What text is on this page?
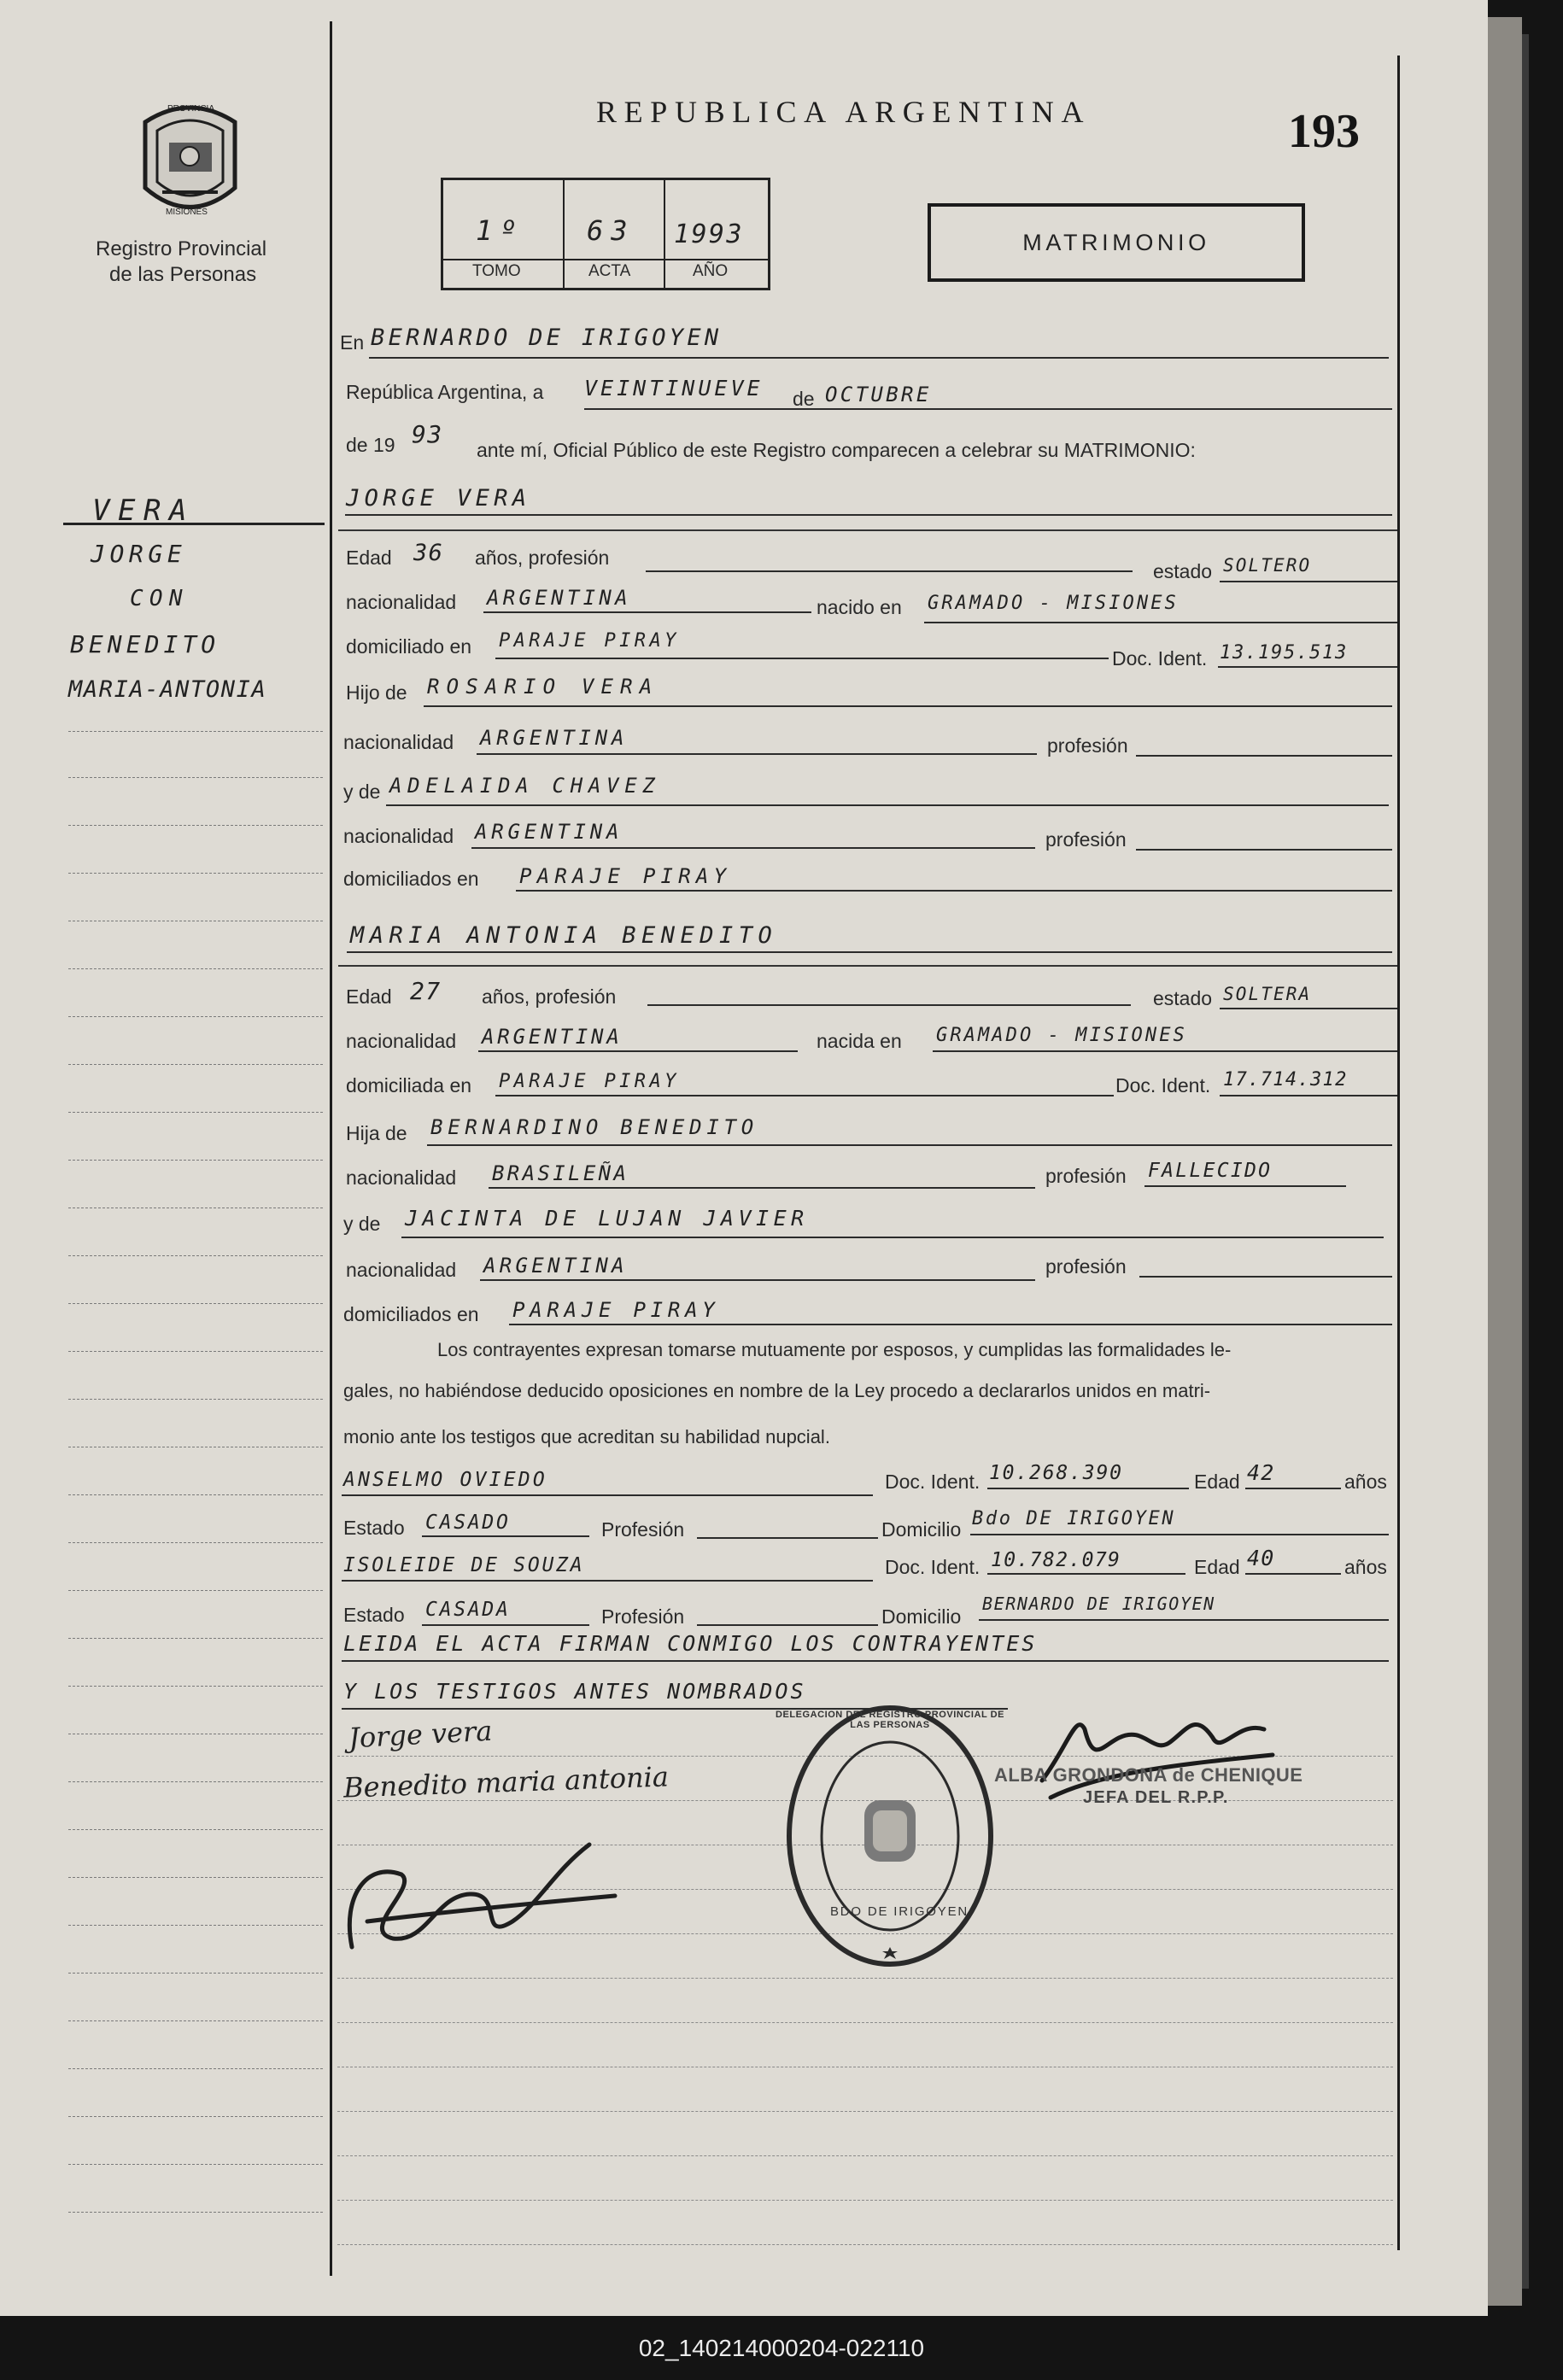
PROVINCIA
MISIONES
Registro Provincial
de las Personas
REPUBLICA ARGENTINA	193
1º 63 1993
TOMO	ACTA	AÑO
MATRIMONIO
VERA
JORGE
CON
BENEDITO
MARIA-ANTONIA
En BERNARDO DE IRIGOYEN
República Argentina, a VEINTINUEVE de OCTUBRE
de 19 93
ante mí, Oficial Público de este Registro comparecen a celebrar su MATRIMONIO:
JORGE VERA
Edad 36 años, profesión
estado SOLTERO
nacionalidad ARGENTINA	nacido en GRAMADO - MISIONES
domiciliado en PARAJE PIRAY
Doc. Ident. 13.195.513
Hijo de ROSARIO VERA
nacionalidad ARGENTINA	profesión
y de ADELAIDA CHAVEZ
nacionalidad ARGENTINA	profesión
domiciliados en PARAJE PIRAY
MARIA ANTONIA BENEDITO
Edad 27 años, profesión	estado SOLTERA
nacionalidad ARGENTINA	nacida en GRAMADO - MISIONES
domiciliada en PARAJE PIRAY	Doc. Ident. 17.714.312
Hija de BERNARDINO BENEDITO
nacionalidad BRASILEÑA	profesión FALLECIDO
y de JACINTA DE LUJAN JAVIER
nacionalidad ARGENTINA	profesión
domiciliados en PARAJE PIRAY
Los contrayentes expresan tomarse mutuamente por esposos, y cumplidas las formalidades le-
gales, no habiéndose deducido oposiciones en nombre de la Ley procedo a declararlos unidos en matri-
monio ante los testigos que acreditan su habilidad nupcial.
ANSELMO OVIEDO	Doc. Ident. 10.268.390	Edad 42	años
Estado CASADO	Profesión	Domicilio Bdo DE IRIGOYEN
ISOLEIDE DE SOUZA	Doc. Ident. 10.782.079	Edad 40	años
Estado CASADA	Profesión	Domicilio
BERNARDO DE IRIGOYEN
LEIDA EL ACTA FIRMAN CONMIGO LOS CONTRAYENTES
Y LOS TESTIGOS ANTES NOMBRADOS
Jorge vera
Benedito maria antonia	ALBA GRONDONA de CHENIQUE
JEFA DEL R.P.P.
BDO DE IRIGOYEN
DELEGACION DEL REGISTRO PROVINCIAL DE LAS PERSONAS
02_140214000204-022110
